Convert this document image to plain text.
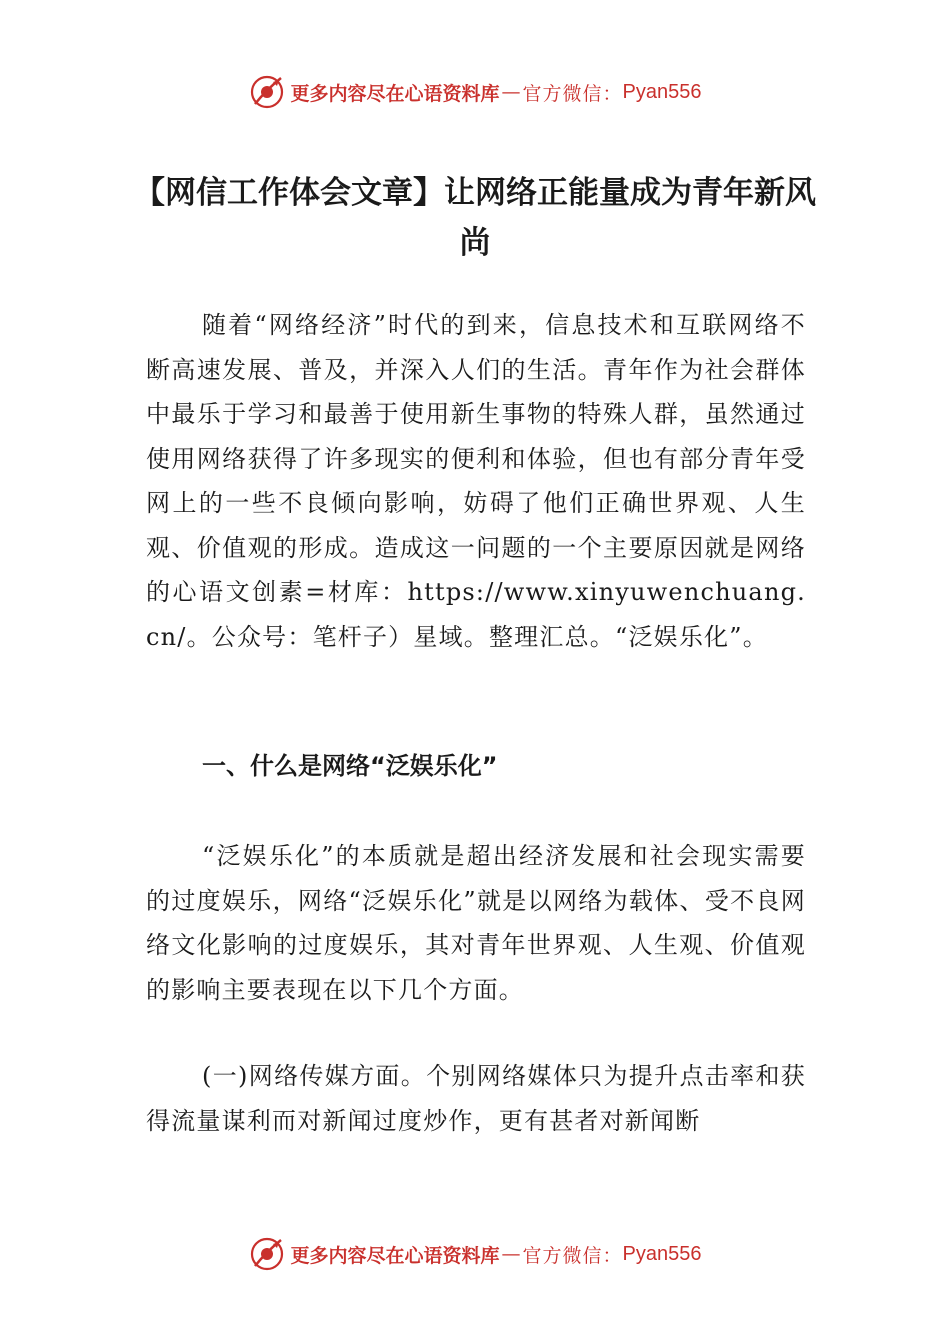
更多内容尽在心语资料库 — 官方微信： Pyan556
【网信工作体会文章】让网络正能量成为青年新风尚

随着“网络经济”时代的到来，信息技术和互联网络不断高速发展、普及，并深入人们的生活。青年作为社会群体中最乐于学习和最善于使用新生事物的特殊人群，虽然通过使用网络获得了许多现实的便利和体验，但也有部分青年受网上的一些不良倾向影响，妨碍了他们正确世界观、人生观、价值观的形成。造成这一问题的一个主要原因就是网络的心语文创素=材库：https://www.xinyuwenchuang.cn/。公众号：笔杆子）星域。整理汇总。“泛娱乐化”。

一、什么是网络“泛娱乐化”

“泛娱乐化”的本质就是超出经济发展和社会现实需要的过度娱乐，网络“泛娱乐化”就是以网络为载体、受不良网络文化影响的过度娱乐，其对青年世界观、人生观、价值观的影响主要表现在以下几个方面。

(一)网络传媒方面。个别网络媒体只为提升点击率和获得流量谋利而对新闻过度炒作，更有甚者对新闻断

更多内容尽在心语资料库 — 官方微信： Pyan556
